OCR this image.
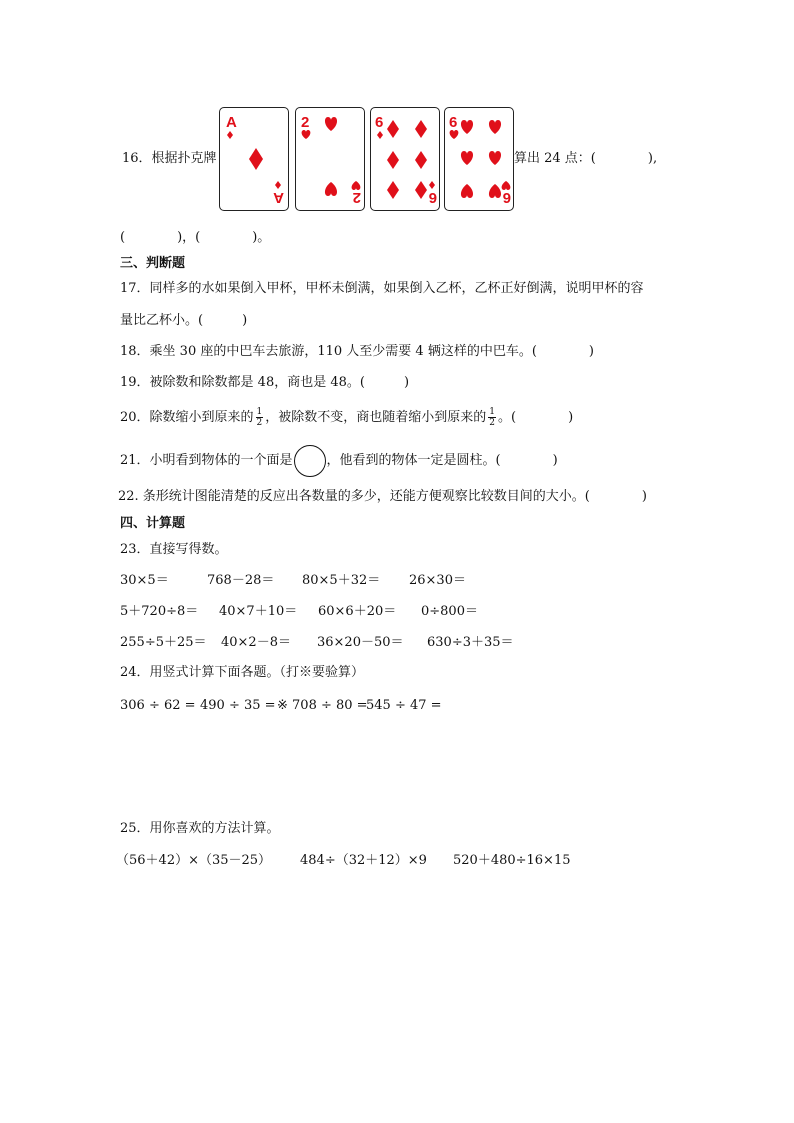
16．根据扑克牌
A
A
2
2
6
6
6
6
算出 24 点：(　　　　),
(　　　　)，(　　　　)。
三、判断题
17．同样多的水如果倒入甲杯，甲杯未倒满，如果倒入乙杯，乙杯正好倒满，说明甲杯的容
量比乙杯小。(　　　)
18．乘坐 30 座的中巴车去旅游，110 人至少需要 4 辆这样的中巴车。(　　　　)
19．被除数和除数都是 48，商也是 48。(　　　)
20．除数缩小到原来的 $\frac{1}{2}$ ，被除数不变，商也随着缩小到原来的 $\frac{1}{2}$ 。(　　　　)
21．小明看到物体的一个面是	，他看到的物体一定是圆柱。(　　　　)
22. 条形统计图能清楚的反应出各数量的多少，还能方便观察比较数目间的大小。(　　　　)
四、计算题
23．直接写得数。
30×5＝	768－28＝ 80×5＋32＝ 26×30＝
5＋720÷8＝ 40×7＋10＝ 60×6＋20＝ 0÷800＝
255÷5＋25＝ 40×2－8＝ 36×20－50＝ 630÷3＋35＝
24．用竖式计算下面各题。（打※要验算）
306 ÷ 62 = 490 ÷ 35 = ※ 708 ÷ 80 =
545 ÷ 47 =
25．用你喜欢的方法计算。
（56＋42）×（35－25） 484÷（32＋12）×9 520＋480÷16×15
